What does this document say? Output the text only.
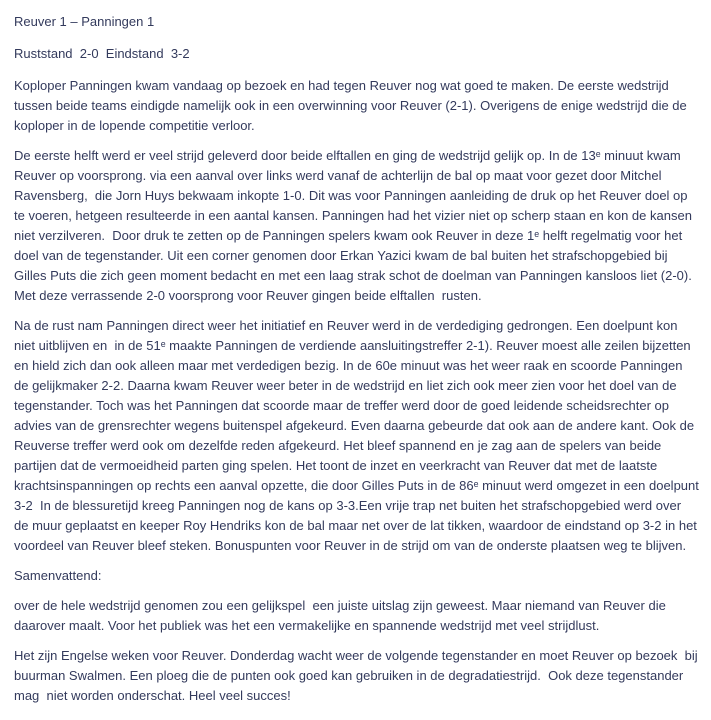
Reuver 1 – Panningen 1

Ruststand  2-0  Eindstand  3-2

Koploper Panningen kwam vandaag op bezoek en had tegen Reuver nog wat goed te maken. De eerste wedstrijd tussen beide teams eindigde namelijk ook in een overwinning voor Reuver (2-1). Overigens de enige wedstrijd die de koploper in de lopende competitie verloor.

De eerste helft werd er veel strijd geleverd door beide elftallen en ging de wedstrijd gelijk op. In de 13ᵉ minuut kwam Reuver op voorsprong. via een aanval over links werd vanaf de achterlijn de bal op maat voor gezet door Mitchel  Ravensberg,  die Jorn Huys bekwaam inkopte 1-0. Dit was voor Panningen aanleiding de druk op het Reuver doel op te voeren, hetgeen resulteerde in een aantal kansen. Panningen had het vizier niet op scherp staan en kon de kansen niet verzilveren.  Door druk te zetten op de Panningen spelers kwam ook Reuver in deze 1ᵉ helft regelmatig voor het doel van de tegenstander. Uit een corner genomen door Erkan Yazici kwam de bal buiten het strafschopgebied bij Gilles Puts die zich geen moment bedacht en met een laag strak schot de doelman van Panningen kansloos liet (2-0). Met deze verrassende 2-0 voorsprong voor Reuver gingen beide elftallen  rusten.

Na de rust nam Panningen direct weer het initiatief en Reuver werd in de verdediging gedrongen. Een doelpunt kon niet uitblijven en  in de 51ᵉ maakte Panningen de verdiende aansluitingstreffer 2-1). Reuver moest alle zeilen bijzetten en hield zich dan ook alleen maar met verdedigen bezig. In de 60e minuut was het weer raak en scoorde Panningen de gelijkmaker 2-2. Daarna kwam Reuver weer beter in de wedstrijd en liet zich ook meer zien voor het doel van de tegenstander. Toch was het Panningen dat scoorde maar de treffer werd door de goed leidende scheidsrechter op advies van de grensrechter wegens buitenspel afgekeurd. Even daarna gebeurde dat ook aan de andere kant. Ook de Reuverse treffer werd ook om dezelfde reden afgekeurd. Het bleef spannend en je zag aan de spelers van beide partijen dat de vermoeidheid parten ging spelen. Het toont de inzet en veerkracht van Reuver dat met de laatste krachtsinspanningen op rechts een aanval opzette, die door Gilles Puts in de 86ᵉ minuut werd omgezet in een doelpunt 3-2  In de blessuretijd kreeg Panningen nog de kans op 3-3.Een vrije trap net buiten het strafschopgebied werd over de muur geplaatst en keeper Roy Hendriks kon de bal maar net over de lat tikken, waardoor de eindstand op 3-2 in het voordeel van Reuver bleef steken. Bonuspunten voor Reuver in de strijd om van de onderste plaatsen weg te blijven.

Samenvattend:

over de hele wedstrijd genomen zou een gelijkspel  een juiste uitslag zijn geweest. Maar niemand van Reuver die daarover maalt. Voor het publiek was het een vermakelijke en spannende wedstrijd met veel strijdlust.

Het zijn Engelse weken voor Reuver. Donderdag wacht weer de volgende tegenstander en moet Reuver op bezoek  bij  buurman Swalmen. Een ploeg die de punten ook goed kan gebruiken in de degradatiestrijd.  Ook deze tegenstander mag  niet worden onderschat. Heel veel succes!
